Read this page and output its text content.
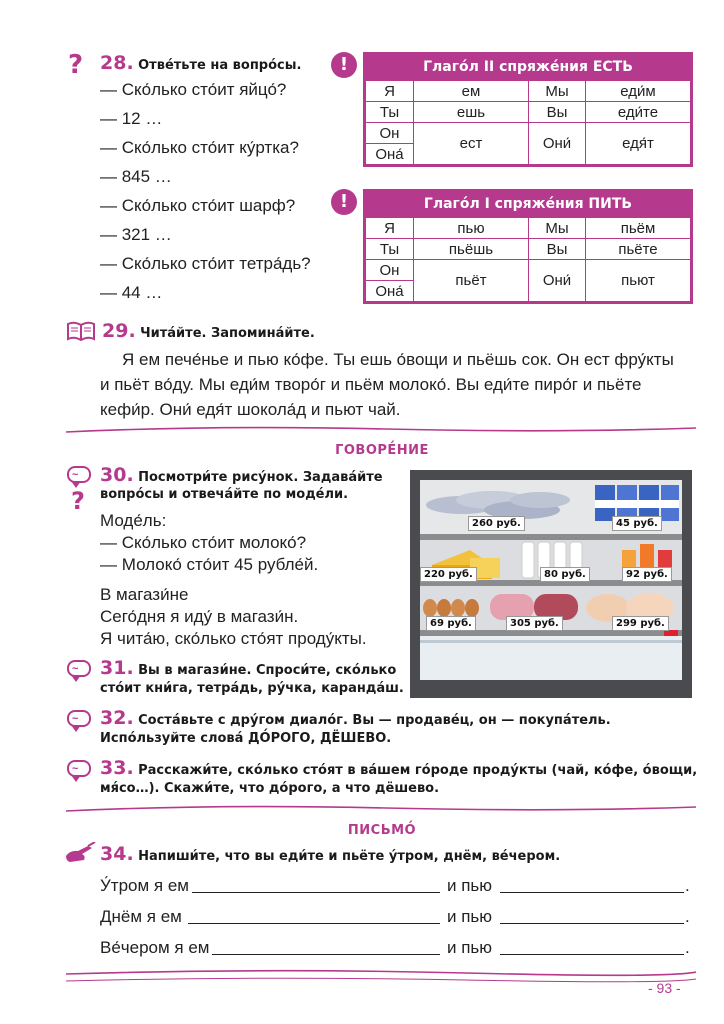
? 28. Отве́тьте на вопро́сы.
— Ско́лько сто́ит яйцо́?
— 12 …
— Ско́лько сто́ит ку́ртка?
— 845 …
— Ско́лько сто́ит шарф?
— 321 …
— Ско́лько сто́ит тетра́дь?
— 44 …
!	Глаго́л II спряже́ния ЕСТЬ
Я	ем	Мы	еди́м
Ты	ешь	Вы	еди́те
Он	ест	Они́	едя́т
Она́			
!	Глаго́л I спряже́ния ПИТЬ
Я	пью	Мы	пьём
Ты	пьёшь	Вы	пьёте
Он	пьёт	Они́	пьют
Она́			
29. Чита́йте. Запомина́йте.
Я ем пече́нье и пью ко́фе. Ты ешь о́вощи и пьёшь сок. Он ест фру́кты
и пьёт во́ду. Мы еди́м творо́г и пьём молоко́. Вы еди́те пиро́г и пьёте
кефи́р. Они́ едя́т шокола́д и пьют чай.
ГОВОРЕ́НИЕ
~
?
30. Посмотри́те рису́нок. Задава́йте
вопро́сы и отвеча́йте по моде́ли.
Моде́ль:
— Ско́лько сто́ит молоко́?
— Молоко́ сто́ит 45 рубле́й.
В магази́не
Сего́дня я иду́ в магази́н.
Я чита́ю, ско́лько сто́ят проду́кты.
260 руб.	45 руб.
220 руб.	80 руб.	92 руб.
69 руб.	305 руб.	299 руб.
~ 31. Вы в магази́не. Спроси́те, ско́лько
сто́ит кни́га, тетра́дь, ру́чка, каранда́ш.
~ 32. Соста́вьте с дру́гом диало́г. Вы — продаве́ц, он — покупа́тель.
Испо́льзуйте слова́ ДО́РОГО, ДЁШЕВО.
~ 33. Расскажи́те, ско́лько сто́ят в ва́шем го́роде проду́кты (чай, ко́фе, о́вощи,
мя́со…). Скажи́те, что до́рого, а что дёшево.
ПИСЬМО́
34. Напиши́те, что вы еди́те и пьёте у́тром, днём, ве́чером.
У́тром я ем	и пью	.
Днём я ем	и пью	.
Ве́чером я ем	и пью	.
- 93 -
